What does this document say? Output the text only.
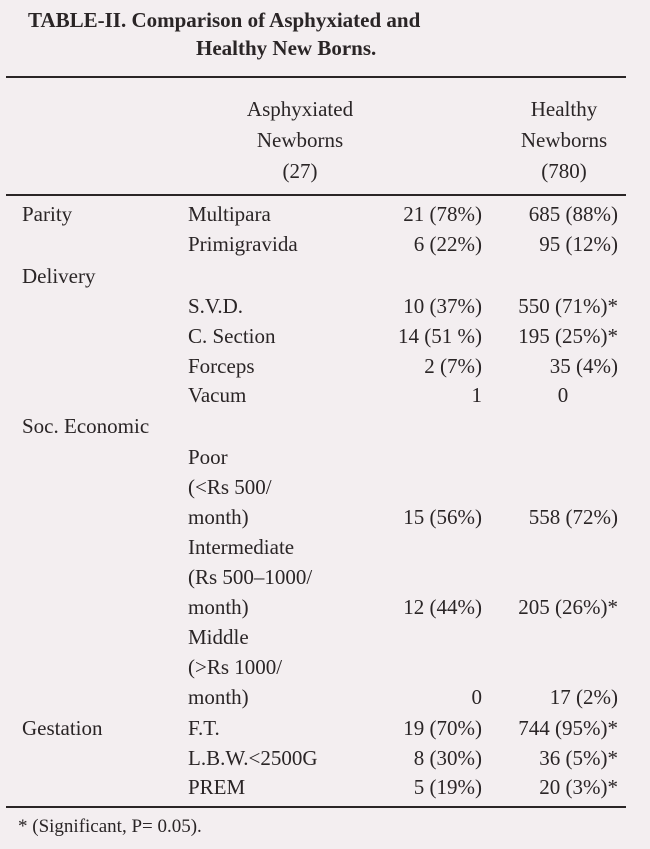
TABLE-II. Comparison of Asphyxiated and
Healthy New Borns.
Asphyxiated
Newborns
(27)
Healthy
Newborns
(780)
Parity	Multipara	21 (78%)	685 (88%)
Primigravida	6 (22%)	95 (12%)
Delivery
S.V.D.	10 (37%)	550 (71%)*
C. Section	14 (51 %)	195 (25%)*
Forceps	2 (7%)	35 (4%)
Vacum	1	0
Soc. Economic
Poor
(<Rs 500/
month)	15 (56%)	558 (72%)
Intermediate
(Rs 500–1000/
month)	12 (44%)	205 (26%)*
Middle
(>Rs 1000/
month)	0	17 (2%)
Gestation	F.T.	19 (70%)	744 (95%)*
L.B.W.<2500G	8 (30%)	36 (5%)*
PREM	5 (19%)	20 (3%)*
* (Significant, P= 0.05).
